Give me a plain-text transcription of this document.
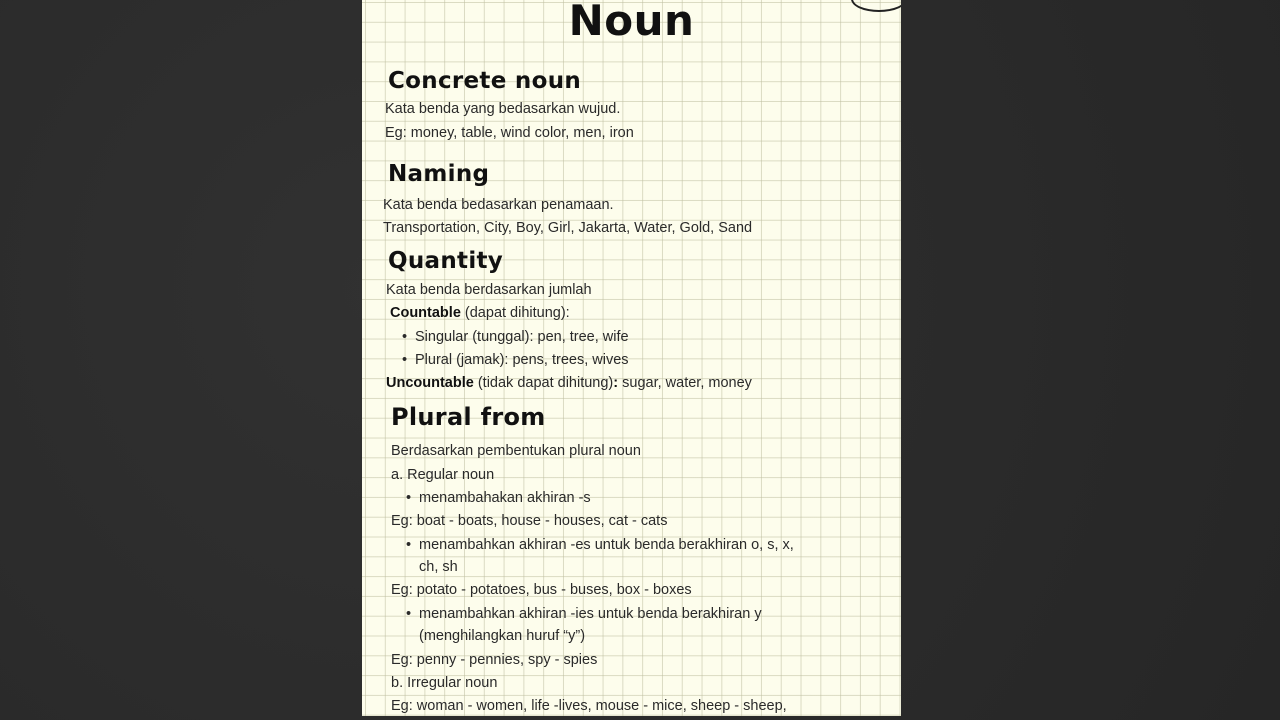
Noun
Concrete noun
Kata benda yang bedasarkan wujud.
Eg: money, table, wind color, men, iron
Naming
Kata benda bedasarkan penamaan.
Transportation, City, Boy, Girl, Jakarta, Water, Gold, Sand
Quantity
Kata benda berdasarkan jumlah
Countable (dapat dihitung):
• Singular (tunggal): pen, tree, wife
• Plural (jamak): pens, trees, wives
Uncountable (tidak dapat dihitung): sugar, water, money
Plural from
Berdasarkan pembentukan plural noun
a. Regular noun
• menambahakan akhiran -s
Eg: boat - boats, house - houses, cat - cats
• menambahkan akhiran -es untuk benda berakhiran o, s, x,
ch, sh
Eg: potato - potatoes, bus - buses, box - boxes
• menambahkan akhiran -ies untuk benda berakhiran y
(menghilangkan huruf “y”)
Eg: penny - pennies, spy - spies
b. Irregular noun
Eg: woman - women, life -lives, mouse - mice, sheep - sheep,
